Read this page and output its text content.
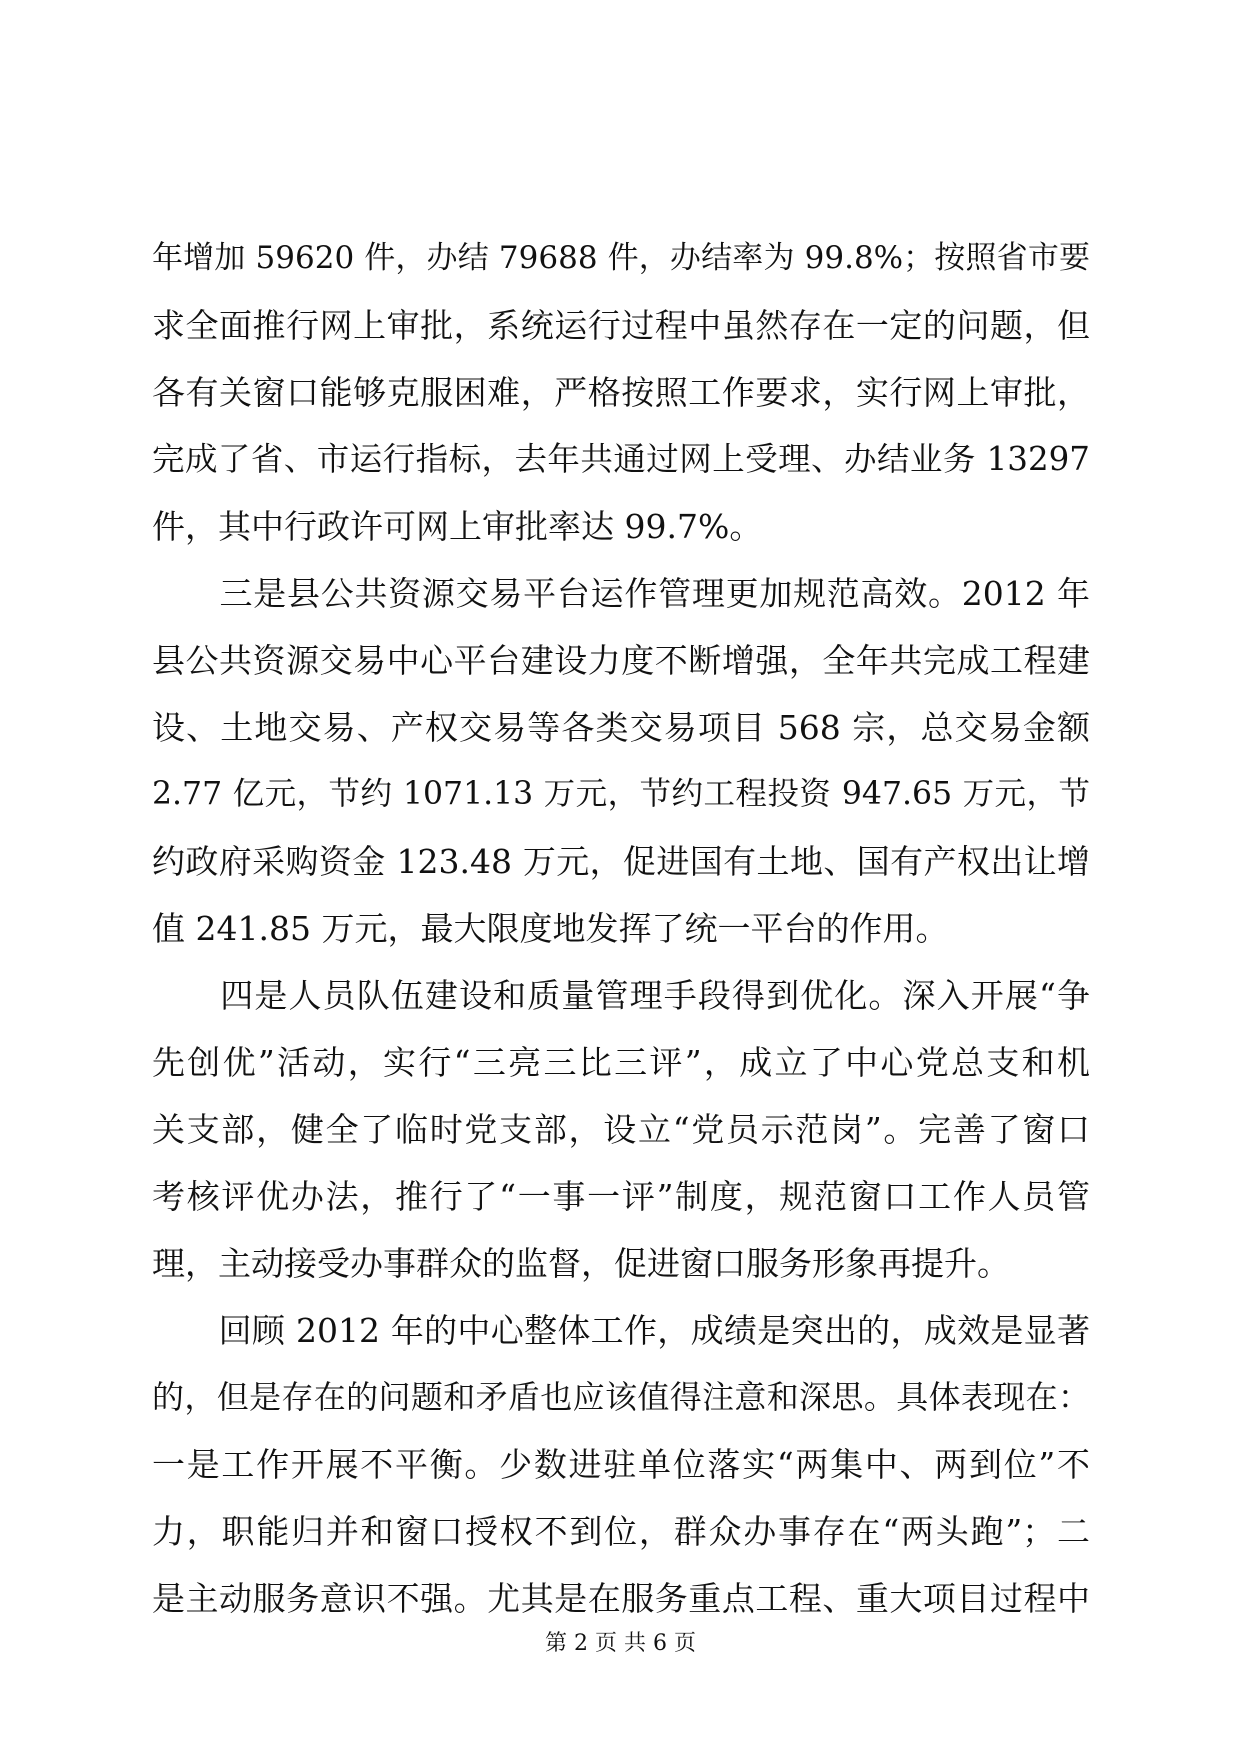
年增加 59620 件，办结 79688 件，办结率为 99.8%；按照省市要
求全面推行网上审批，系统运行过程中虽然存在一定的问题，但
各有关窗口能够克服困难，严格按照工作要求，实行网上审批，
完成了省、市运行指标，去年共通过网上受理、办结业务 13297
件，其中行政许可网上审批率达 99.7%。
　　三是县公共资源交易平台运作管理更加规范高效。2012 年
县公共资源交易中心平台建设力度不断增强，全年共完成工程建
设、土地交易、产权交易等各类交易项目 568 宗，总交易金额
2.77 亿元，节约 1071.13 万元，节约工程投资 947.65 万元，节
约政府采购资金 123.48 万元，促进国有土地、国有产权出让增
值 241.85 万元，最大限度地发挥了统一平台的作用。
　　四是人员队伍建设和质量管理手段得到优化。深入开展“争
先创优”活动，实行“三亮三比三评”，成立了中心党总支和机
关支部，健全了临时党支部，设立“党员示范岗”。完善了窗口
考核评优办法，推行了“一事一评”制度，规范窗口工作人员管
理，主动接受办事群众的监督，促进窗口服务形象再提升。
　　回顾 2012 年的中心整体工作，成绩是突出的，成效是显著
的，但是存在的问题和矛盾也应该值得注意和深思。具体表现在：
一是工作开展不平衡。少数进驻单位落实“两集中、两到位”不
力，职能归并和窗口授权不到位，群众办事存在“两头跑”；二
是主动服务意识不强。尤其是在服务重点工程、重大项目过程中
第 2 页 共 6 页
